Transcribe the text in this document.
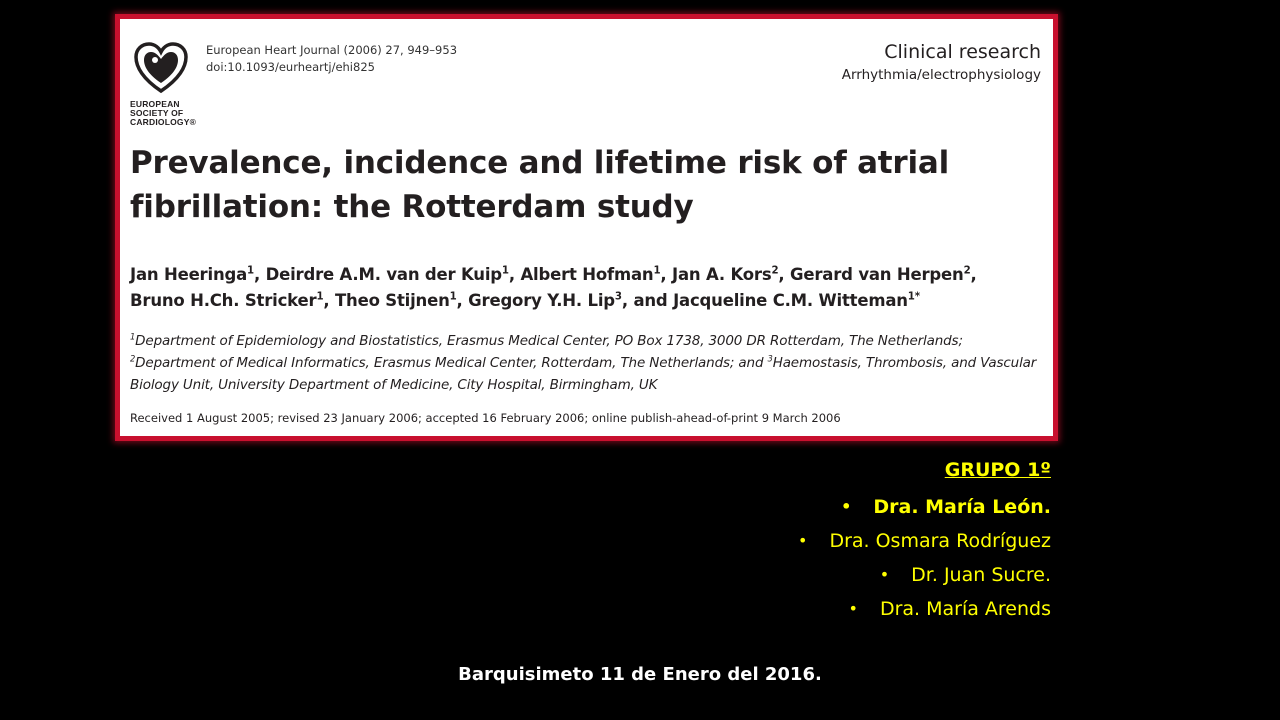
EUROPEAN
SOCIETY OF
CARDIOLOGY®
European Heart Journal (2006) 27, 949–953
doi:10.1093/eurheartj/ehi825
Clinical research
Arrhythmia/electrophysiology
Prevalence, incidence and lifetime risk of atrial
fibrillation: the Rotterdam study
Jan Heeringa$^1$, Deirdre A.M. van der Kuip$^1$, Albert Hofman$^1$, Jan A. Kors$^2$, Gerard van Herpen$^2$,
Bruno H.Ch. Stricker$^1$, Theo Stijnen$^1$, Gregory Y.H. Lip$^3$, and Jacqueline C.M. Witteman$^{1*}$
$^1$Department of Epidemiology and Biostatistics, Erasmus Medical Center, PO Box 1738, 3000 DR Rotterdam, The Netherlands;
$^2$Department of Medical Informatics, Erasmus Medical Center, Rotterdam, The Netherlands; and $^3$Haemostasis, Thrombosis, and Vascular Biology Unit, University Department of Medicine, City Hospital, Birmingham, UK
Received 1 August 2005; revised 23 January 2006; accepted 16 February 2006; online publish-ahead-of-print 9 March 2006
GRUPO 1º
• Dra. María León.
• Dra. Osmara Rodríguez
• Dr. Juan Sucre.
• Dra. María Arends
Barquisimeto 11 de Enero del 2016.
